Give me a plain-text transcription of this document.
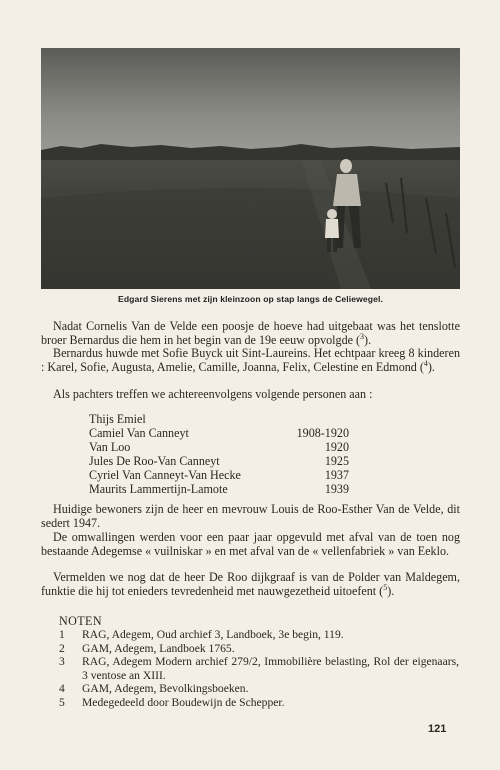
Edgard Sierens met zijn kleinzoon op stap langs de Celiewegel.

Nadat Cornelis Van de Velde een poosje de hoeve had uitgebaat was het tenslotte broer Bernardus die hem in het begin van de 19e eeuw opvolgde ($^3$).

Bernardus huwde met Sofie Buyck uit Sint-Laureins. Het echtpaar kreeg 8 kinderen : Karel, Sofie, Augusta, Amelie, Camille, Joanna, Felix, Celestine en Edmond ($^4$).

Als pachters treffen we achtereenvolgens volgende personen aan :

Thijs Emiel
Camiel Van Canneyt	1908-1920
Van Loo	1920
Jules De Roo-Van Canneyt	1925
Cyriel Van Canneyt-Van Hecke	1937
Maurits Lammertijn-Lamote	1939

Huidige bewoners zijn de heer en mevrouw Louis de Roo-Esther Van de Velde, dit sedert 1947.

De omwallingen werden voor een paar jaar opgevuld met afval van de toen nog bestaande Adegemse « vuilniskar » en met afval van de « vellenfabriek » van Eeklo.

Vermelden we nog dat de heer De Roo dijkgraaf is van de Polder van Maldegem, funktie die hij tot enieders tevredenheid met nauwgezetheid uitoefent ($^5$).

NOTEN
1	RAG, Adegem, Oud archief 3, Landboek, 3e begin, 119.
2	GAM, Adegem, Landboek 1765.
3	RAG, Adegem Modern archief 279/2, Immobilière belasting, Rol der eigenaars, 3 ventose an XIII.
4	GAM, Adegem, Bevolkingsboeken.
5	Medegedeeld door Boudewijn de Schepper.
121
